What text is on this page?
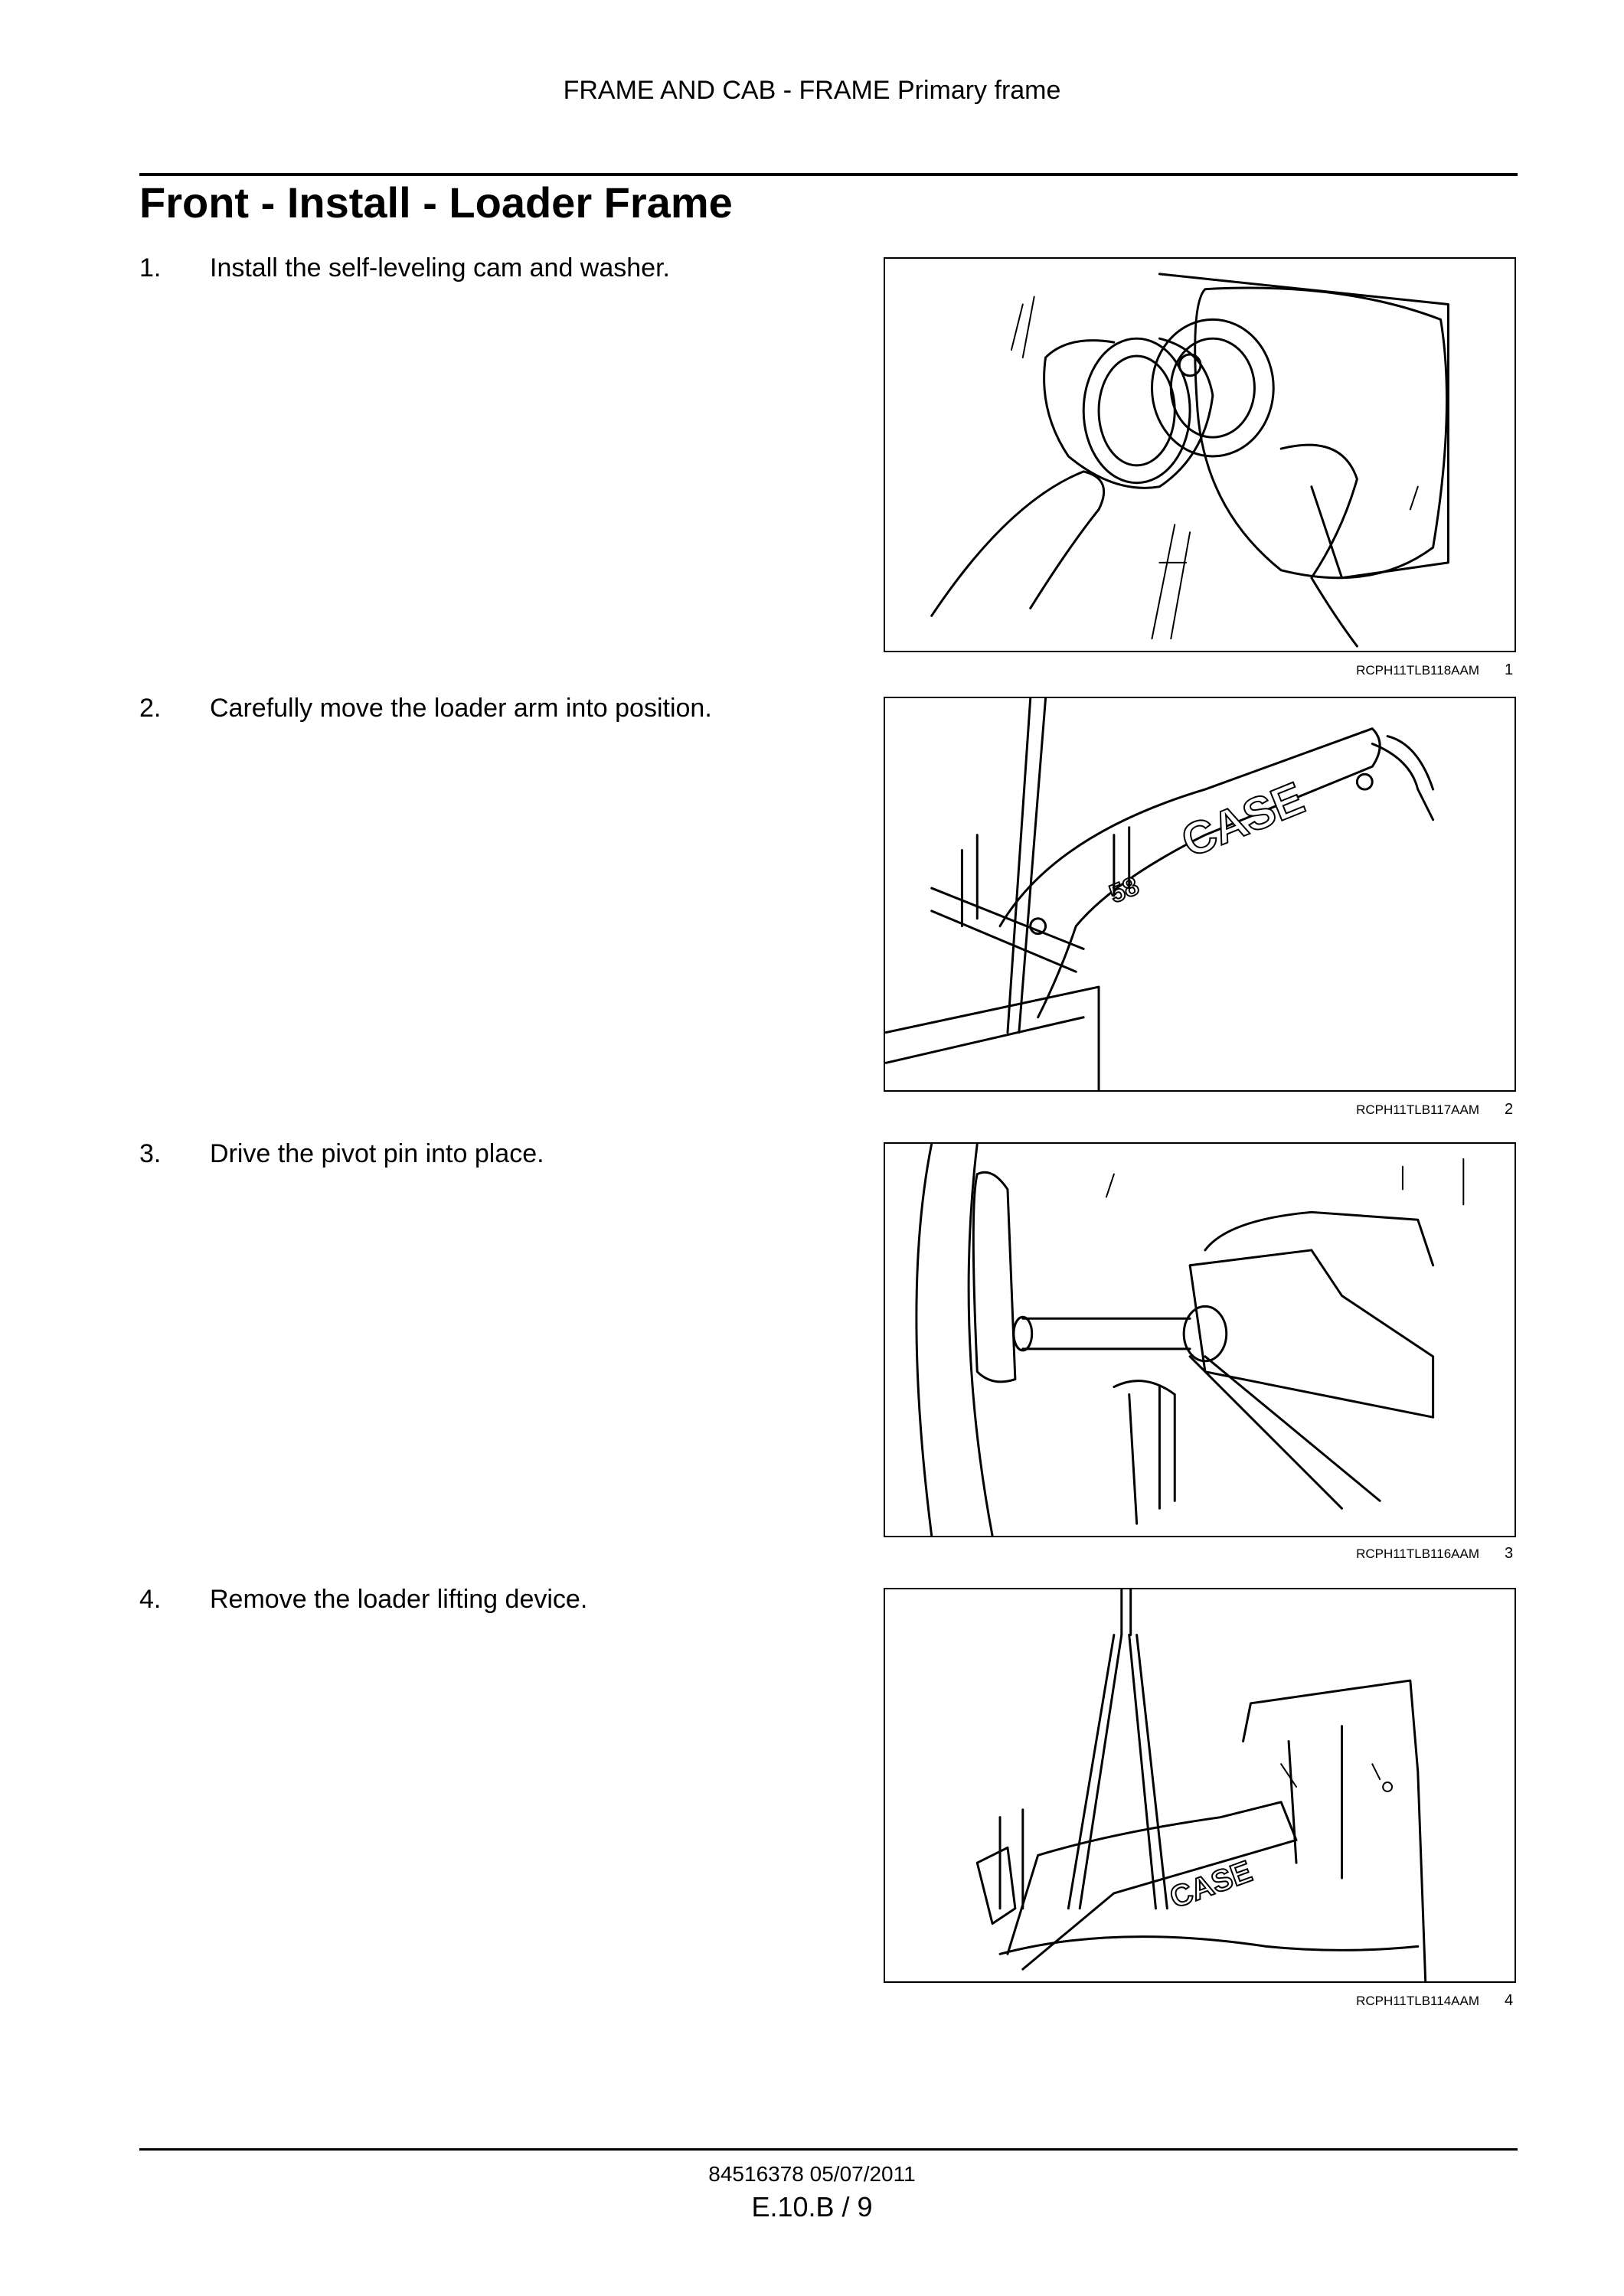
FRAME AND CAB - FRAME Primary frame
Front - Install - Loader Frame
1. Install the self-leveling cam and washer.
RCPH11TLB118AAM 1
2. Carefully move the loader arm into position.
CASE
58
RCPH11TLB117AAM 2
3. Drive the pivot pin into place.
RCPH11TLB116AAM 3
4. Remove the loader lifting device.
CASE
RCPH11TLB114AAM 4
84516378 05/07/2011
E.10.B / 9
